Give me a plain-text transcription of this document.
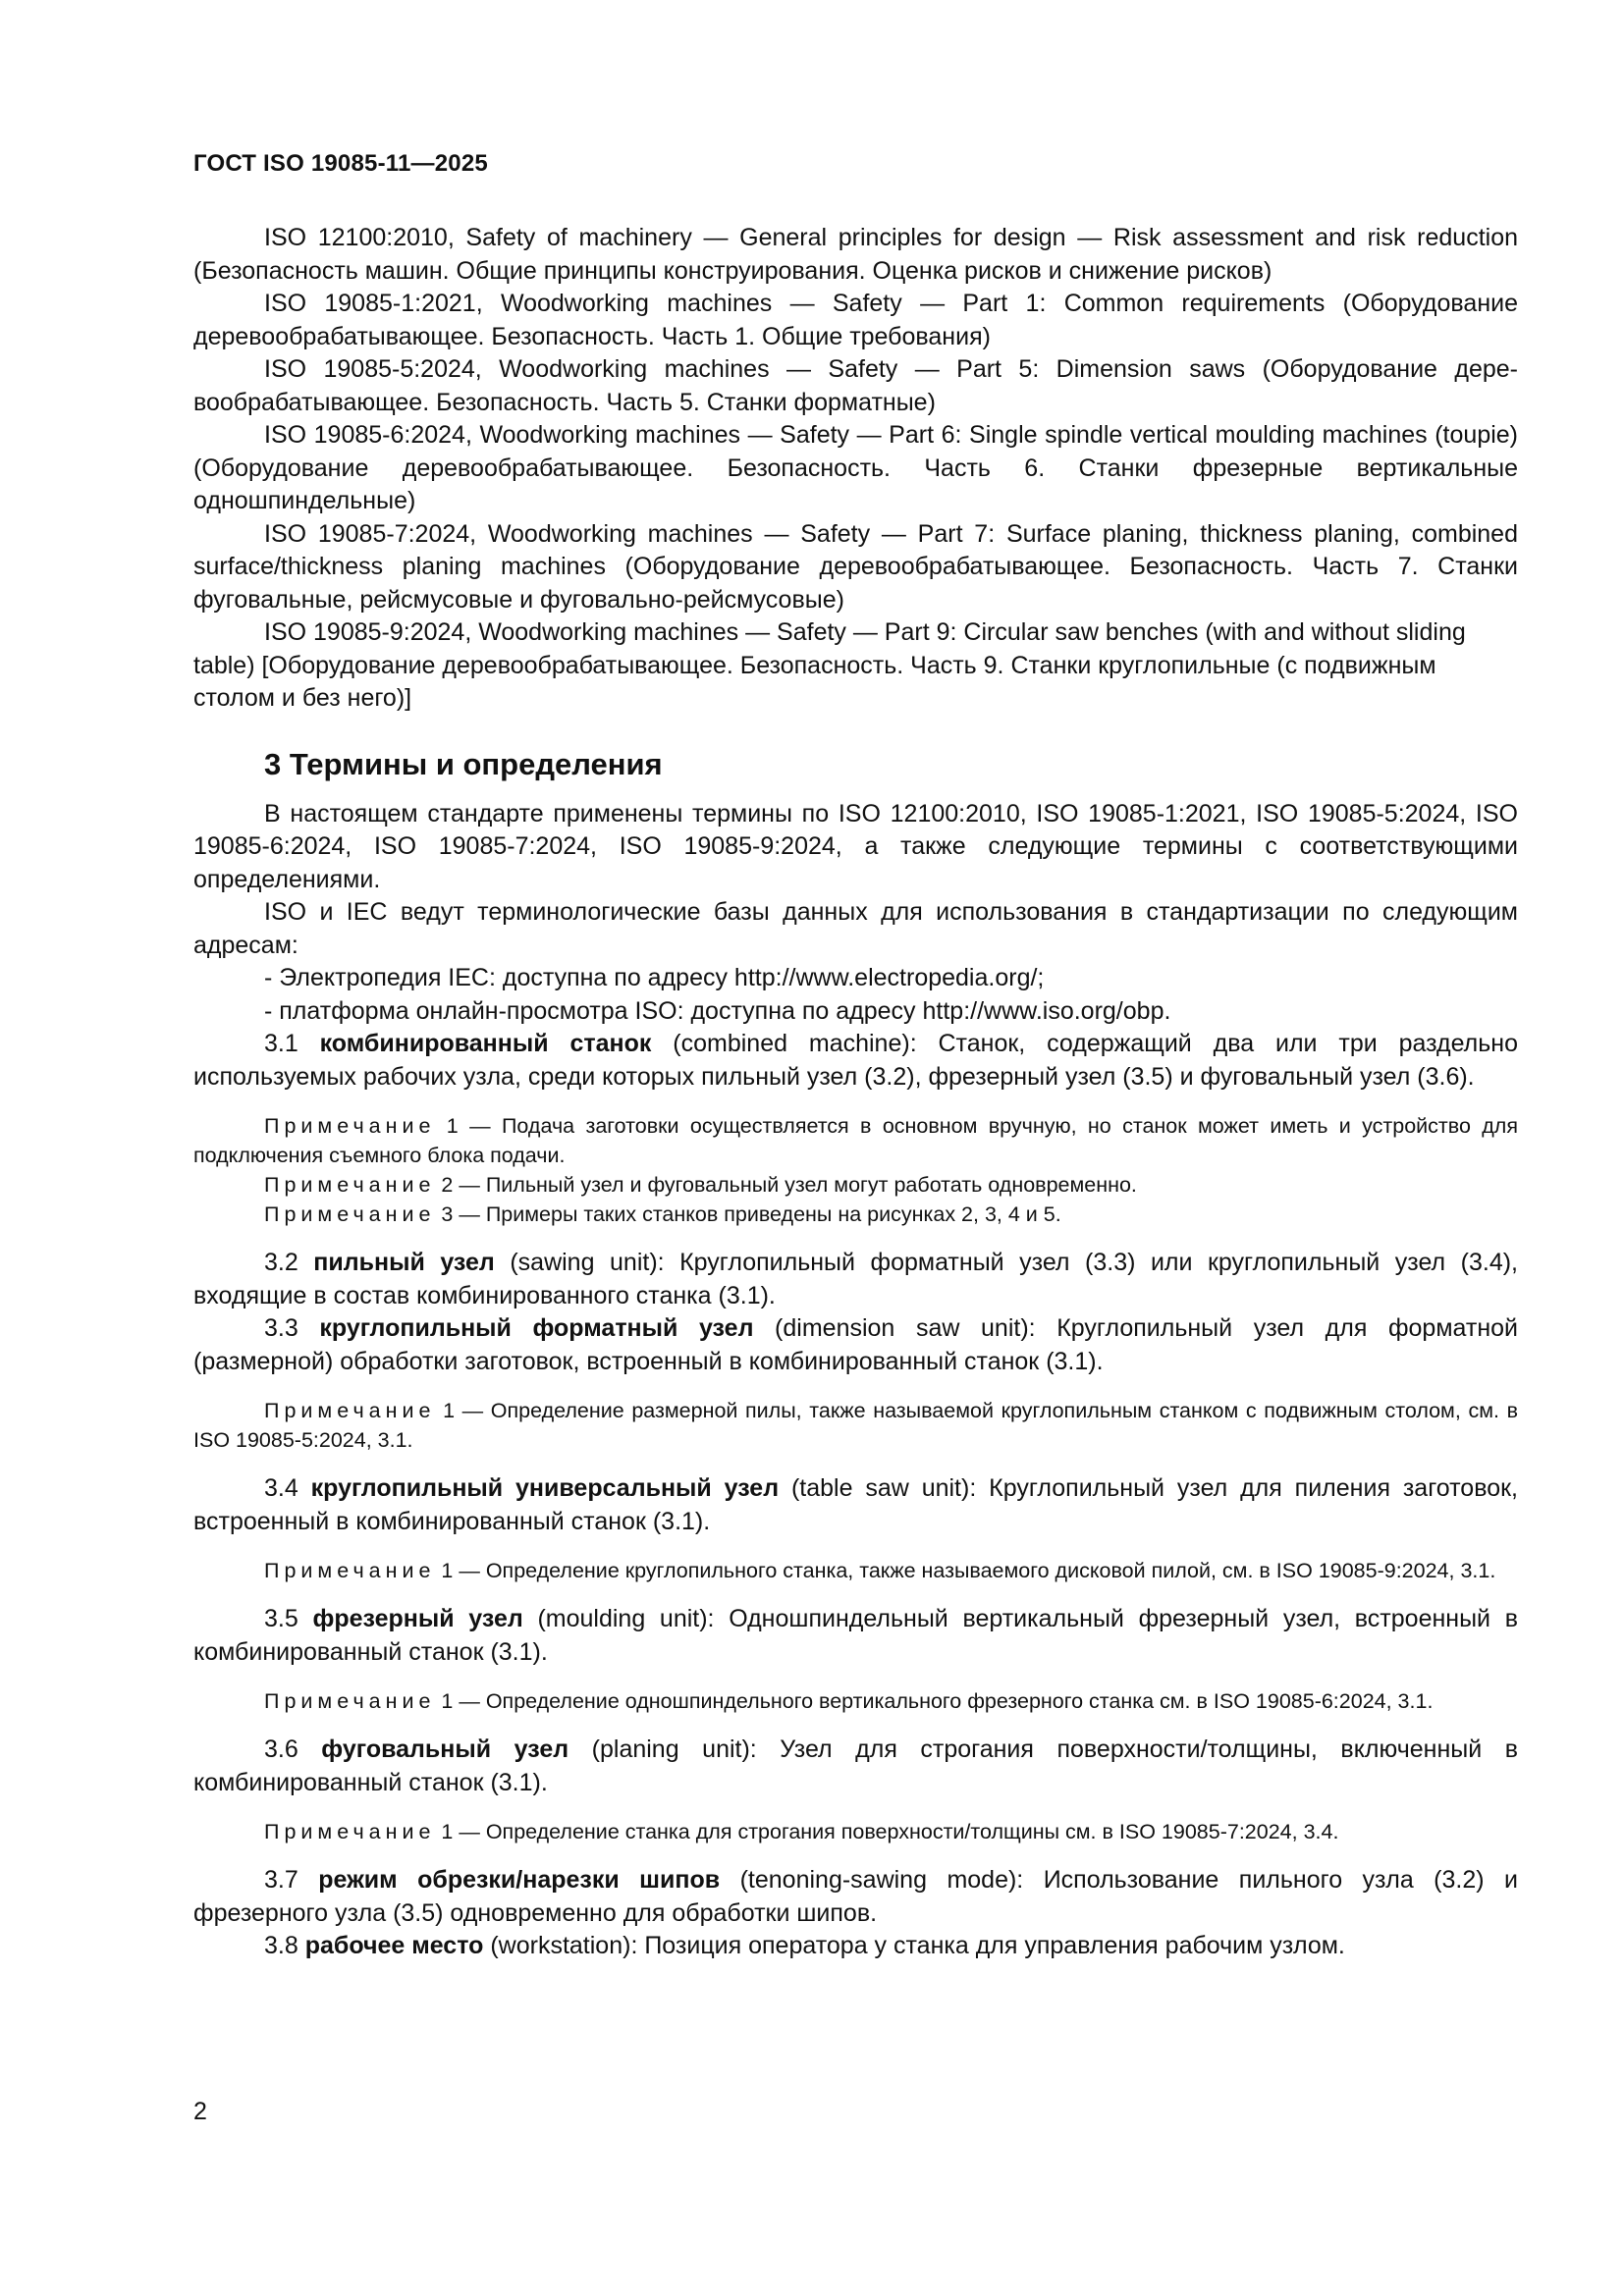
ГОСТ ISO 19085-11—2025

ISO 12100:2010, Safety of machinery — General principles for design — Risk assessment and risk reduction (Безопасность машин. Общие принципы конструирования. Оценка рисков и снижение рисков)

ISO 19085-1:2021, Woodworking machines — Safety — Part 1: Common requirements (Оборудование деревообрабатывающее. Безопасность. Часть 1. Общие требования)

ISO 19085-5:2024, Woodworking machines — Safety — Part 5: Dimension saws (Оборудование деревообрабатывающее. Безопасность. Часть 5. Станки форматные)

ISO 19085-6:2024, Woodworking machines — Safety — Part 6: Single spindle vertical moulding machines (toupie) (Оборудование деревообрабатывающее. Безопасность. Часть 6. Станки фрезерные вертикальные одношпиндельные)

ISO 19085-7:2024, Woodworking machines — Safety — Part 7: Surface planing, thickness planing, combined surface/thickness planing machines (Оборудование деревообрабатывающее. Безопасность. Часть 7. Станки фуговальные, рейсмусовые и фуговально-рейсмусовые)

ISO 19085-9:2024, Woodworking machines — Safety — Part 9: Circular saw benches (with and without sliding table) [Оборудование деревообрабатывающее. Безопасность. Часть 9. Станки круглопильные (с подвижным столом и без него)]

3 Термины и определения

В настоящем стандарте применены термины по ISO 12100:2010, ISO 19085-1:2021, ISO 19085-5:2024, ISO 19085-6:2024, ISO 19085-7:2024, ISO 19085-9:2024, а также следующие термины с соответствующими определениями.

ISO и IEC ведут терминологические базы данных для использования в стандартизации по следующим адресам:

- Электропедия IEC: доступна по адресу http://www.electropedia.org/;
- платформа онлайн-просмотра ISO: доступна по адресу http://www.iso.org/obp.

3.1 комбинированный станок (combined machine): Станок, содержащий два или три раздельно используемых рабочих узла, среди которых пильный узел (3.2), фрезерный узел (3.5) и фуговальный узел (3.6).

Примечание 1 — Подача заготовки осуществляется в основном вручную, но станок может иметь и устройство для подключения съемного блока подачи.

Примечание 2 — Пильный узел и фуговальный узел могут работать одновременно.

Примечание 3 — Примеры таких станков приведены на рисунках 2, 3, 4 и 5.

3.2 пильный узел (sawing unit): Круглопильный форматный узел (3.3) или круглопильный узел (3.4), входящие в состав комбинированного станка (3.1).

3.3 круглопильный форматный узел (dimension saw unit): Круглопильный узел для форматной (размерной) обработки заготовок, встроенный в комбинированный станок (3.1).

Примечание 1 — Определение размерной пилы, также называемой круглопильным станком с подвижным столом, см. в ISO 19085-5:2024, 3.1.

3.4 круглопильный универсальный узел (table saw unit): Круглопильный узел для пиления заготовок, встроенный в комбинированный станок (3.1).

Примечание 1 — Определение круглопильного станка, также называемого дисковой пилой, см. в ISO 19085-9:2024, 3.1.

3.5 фрезерный узел (moulding unit): Одношпиндельный вертикальный фрезерный узел, встроенный в комбинированный станок (3.1).

Примечание 1 — Определение одношпиндельного вертикального фрезерного станка см. в ISO 19085-6:2024, 3.1.

3.6 фуговальный узел (planing unit): Узел для строгания поверхности/толщины, включенный в комбинированный станок (3.1).

Примечание 1 — Определение станка для строгания поверхности/толщины см. в ISO 19085-7:2024, 3.4.

3.7 режим обрезки/нарезки шипов (tenoning-sawing mode): Использование пильного узла (3.2) и фрезерного узла (3.5) одновременно для обработки шипов.

3.8 рабочее место (workstation): Позиция оператора у станка для управления рабочим узлом.

2
